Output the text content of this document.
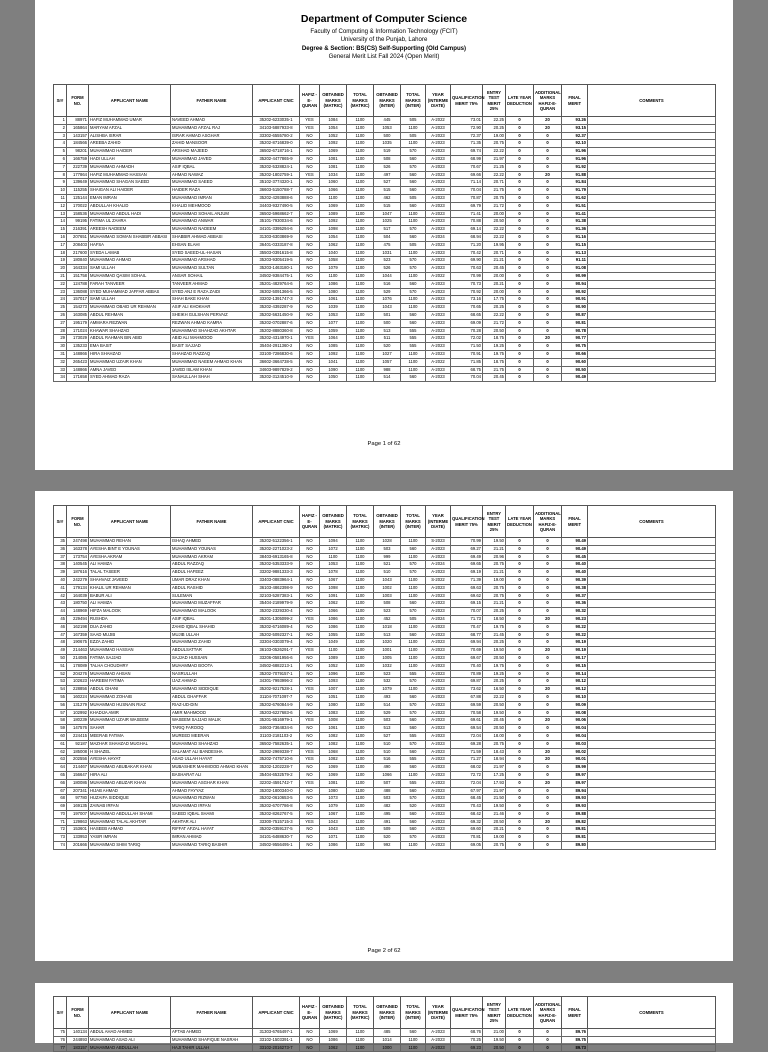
Department of Computer Science
Faculty of Computing & Information Technology (FCIT)
University of the Punjab, Lahore
Degree & Section: BS(CS) Self-Supporting (Old Campus)
General Merit List Fall 2024 (Open Merit)
Sr#	FORM NO.	APPLICANT NAME	FATHER NAME	APPLICANT CNIC	HAFIZ -E- QURAN	OBTAINED MARKS (MATRIC)	TOTAL MARKS (MATRIC)	OBTAINED MARKS (INTER)	TOTAL MARKS (INTER)	YEAR (INTERME DIATE)	QUALIFICATION MERIT 75%	ENTRY TEST MERIT 25%	LATE YEAR DEDUCTION	ADDITIONAL MARKS HAFIZ-E-QURAN	FINAL MERIT	COMMENTS
1	88971	HAFIZ MUHAMMAD UMAR	NAVEED AHMAD	35202-6233035-1	YES	1084	1100	445	505	A-2022	73.01	22.25	0	20	93.26	
2	165864	MARYAM AFZAL	MUHAMMAD AFZAL RAJ	34103-5887933-8	YES	1054	1100	1053	1100	A-2023	72.90	20.25	0	20	93.15	
3	143157	ALISHBA ISRAR	ISRAR AHMAD ASGHAR	33302-6555780-2	NO	1052	1100	500	505	A-2023	72.37	19.00	0	0	92.37	
4	184566	AREEBA ZAHID	ZAHID MANSOOR	35202-8716839-0	NO	1092	1100	1035	1100	A-2023	71.35	20.75	0	0	92.10	
5	98201	MUHAMMAD HAIDER	ARSHAD MAJEED	36502-6718716-1	NO	1069	1100	519	570	A-2023	69.74	22.22	0	0	91.96	
6	166759	HADI ULLAH	MUHAMMAD JAVED	35202-4477865-9	NO	1081	1100	508	560	A-2023	68.99	21.97	0	0	91.96	
7	222739	MUHAMMAD AHMADH	ASIF IQBAL	35202-5328824-1	NO	1081	1100	526	570	A-2023	70.67	21.25	0	0	91.92	
8	177864	HAFIZ MUHAMMAD HASSAN	AHMAD NAWAZ	35202-1802759-1	YES	1034	1100	497	560	A-2023	69.66	22.22	0	20	91.88	
9	139649	MUHAMMAD SHAGAN SAEED	MUHAMMAD SAEED	35102-3774320-1	NO	1060	1100	527	560	A-2023	71.14	20.71	0	0	91.84	
10	115255	SHAIGAN ALI HAIDER	HAIDER RAZA	36603-5150788-7	NO	1066	1100	515	560	A-2023	70.04	21.75	0	0	91.79	
11	125144	EMAN IMRAN	MUHAMMAD IMRAN	35202-4293888-6	NO	1100	1100	462	505	A-2023	70.87	20.75	0	0	91.62	
12	170022	ABDULLAH KHALID	KHALID MEHMOOD	34403-9327490-5	NO	1069	1100	515	560	A-2023	69.79	21.72	0	0	91.51	
13	158536	MUHAMMAD ABDUL HADI	MUHAMMAD SOHAIL ANJUM	36502-5968662-7	NO	1089	1100	1047	1100	A-2023	71.41	20.00	0	0	91.41	
14	99195	FATIMA UL ZAHRA	MUHAMMAD ANWAR	35101-7930034-6	NO	1092	1100	1025	1100	A-2023	70.88	20.50	0	0	91.38	
15	216391	AREESH NADEEM	MUHAMMAD NADEEM	34101-3395294-6	NO	1098	1100	517	570	A-2023	69.14	22.22	0	0	91.36	
16	207651	MUHAMMAD SOMAN SHABBIR ABBASI	SHABBIR AHMAD ABBASI	31303-6303869-9	NO	1054	1100	504	560	A-2024	68.94	22.22	0	0	91.16	
17	208403	HAFSA	EHSAN ELAHI	36401-0333187-8	NO	1062	1100	475	505	A-2023	71.20	19.95	0	0	91.15	
18	217600	SYEDA LAMAB	SYED SAEED-UL-HASAN	35503-0391615-8	NO	1040	1100	1031	1100	A-2023	70.42	20.71	0	0	91.13	
19	180840	MUHAMMAD AHMAD	MUHAMMAD ARSHAD	35203-9305419-5	NO	1058	1100	523	570	A-2023	69.90	21.21	0	0	91.11	
20	164334	SAMI ULLAH	MUHAMMAD SULTAN	35203-1463180-1	NO	1079	1100	526	570	A-2023	70.63	20.45	0	0	91.08	
21	151758	MUHAMMAD QASIM SOHAIL	ANSAR SOHAIL	34502-9384475-1	NO	1100	1100	1044	1100	A-2022	70.99	20.00	0	0	90.99	
22	124788	FARAH TANVEER	TANVEER AHMAD	35201-4829764-6	NO	1086	1100	516	560	A-2023	70.73	20.21	0	0	90.94	
23	136088	SYED MUHAMMAD JAFFAR ABBAS	SYED ANJ E RAZA ZAIDI	36302-5091366-5	NO	1080	1100	529	570	A-2023	70.92	20.00	0	0	90.92	
24	157017	SAMI ULLAH	SHAH BAKE KHAN	33202-1391747-3	NO	1061	1100	1076	1100	A-2023	73.16	17.75	0	0	90.91	
25	154273	MUHAMMAD OBAID UR REHMAN	ASIF ALI KHOKHAR	35202-4392287-9	NO	1039	1100	1043	1100	A-2023	70.65	20.25	0	0	90.90	
26	163085	ABDUL REHMAN	SHEIKH GULSHAN PERVAIZ	35202-5631450-9	NO	1053	1100	501	560	A-2023	68.65	22.22	0	0	90.87	
27	195179	AMMARA REZWAN	REZWAN AHMAD KAMRA	35202-0702887-6	NO	1077	1100	500	560	A-2023	69.09	21.72	0	0	90.81	
28	171024	KHAWAR SHAHZAD	MUHAMMAD SHAHZAD AKHTAR	35202-8880360-8	NO	1059	1100	513	555	A-2023	70.28	20.50	0	0	90.78	
29	173029	ABDUL RAHMAN BIN ABID	ABID ALI MAHMOOD	35202-4314970-1	YES	1064	1100	511	555	A-2023	72.02	18.75	0	20	90.77	
30	135233	EMA BASIT	BASIT SAJJAD	35404-2911360-2	NO	1085	1100	520	555	A-2023	71.50	19.25	0	0	90.75	
31	148866	HIRA SHAHZAD	SHAHZAD RAZZAQ	33100-7286830-6	NO	1092	1100	1027	1100	A-2023	70.91	19.75	0	0	90.66	
32	265423	MUHAMMAD UZAIR KHAN	MUHAMMAD NAEEM AHMAD KHAN	36602-3664738-5	NO	1041	1100	1057	1100	A-2022	71.85	18.75	0	0	90.60	
33	148866	AMNA JAVED	JAVED ISLAM KHAN	34603-9897829-2	NO	1090	1100	988	1100	A-2023	68.75	21.75	0	0	90.50	
34	171658	SYED AHMAD RAZA	SANAULLAH SHAH	35202-3124510-9	NO	1050	1100	514	560	A-2023	70.04	20.45	0	0	90.49	
Page 1 of 62
Sr#	FORM NO.	APPLICANT NAME	FATHER NAME	APPLICANT CNIC	HAFIZ -E- QURAN	OBTAINED MARKS (MATRIC)	TOTAL MARKS (MATRIC)	OBTAINED MARKS (INTER)	TOTAL MARKS (INTER)	YEAR (INTERME DIATE)	QUALIFICATION MERIT 75%	ENTRY TEST MERIT 25%	LATE YEAR DEDUCTION	ADDITIONAL MARKS HAFIZ-E-QURAN	FINAL MERIT	COMMENTS
35	247498	MUHAMMAD REHAN	ISHAQ AHMED	35202-5122356-1	NO	1094	1100	1028	1100	S-2023	70.99	19.50	0	0	90.49	
36	163378	AYESHA BINT E YOUNAS	MUHAMMAD YOUNAS	35202-2271023-2	NO	1072	1100	503	560	A-2023	69.27	21.21	0	0	90.49	
37	173754	AYESHA AKRAM	MUHAMMAD AKRAM	38403-6913165-8	NO	1100	1100	999	1100	A-2023	69.49	20.96	0	0	90.45	
38	140545	ALI HAMZA	ABDUL RAZZAQ	35202-5353333-9	NO	1053	1100	521	570	A-2024	69.65	20.75	0	0	90.40	
39	187616	TALAL TASEER	ABDUL HAFEEZ	33202-9881333-3	NO	1078	1100	510	570	A-2023	69.19	21.21	0	0	90.40	
40	242279	SHAHVAIZ JAVEED	UMAR DRAZ KHAN	33403-0883964-1	NO	1067	1100	1043	1100	S-2022	71.39	19.00	0	0	90.39	
41	179134	KHALIL UR REHMAN	ABDUL RASHID	36103-4862398-9	NO	1098	1100	1002	1100	A-2023	69.63	20.75	0	0	90.38	
42	164039	BABUR ALI	SULEMAN	32103-5287383-1	NO	1091	1100	1003	1100	A-2023	69.62	20.75	0	0	90.37	
43	180750	ALI HAMZA	MUHAMMAD MUZAFFAR	35404-2189979-9	NO	1062	1100	508	560	A-2023	69.15	21.21	0	0	90.36	
44	148969	HIFZA MALOOK	MUHAMMAD MALOOK	35202-2329330-4	NO	1066	1100	523	570	A-2023	70.07	20.25	0	0	90.32	
45	229494	RUSHDA	ASIF IQBAL	35201-1305099-2	YES	1086	1100	452	505	A-2024	71.73	18.50	0	20	90.23	
46	162198	DUA ZAHID	ZAHID IQBAL SHAHID	35202-6716089-4	NO	1086	1100	1018	1100	A-2023	70.47	19.75	0	0	90.22	
47	167359	SAAD MUJIB	MUJIB ULLAH	35202-5092327-1	NO	1055	1100	513	560	A-2023	68.77	21.45	0	0	90.22	
48	190675	EZZA ZAHID	MUHAMMAD ZAHID	33304-0303079-4	NO	1049	1100	1020	1100	A-2023	69.94	20.25	0	0	90.19	
49	214463	MUHAMMAD HASSAN	ABDULSATTAR	36103-0526291-7	YES	1100	1100	1001	1100	A-2023	70.69	19.50	0	20	90.19	
50	214085	FATIMA SAJJAD	SAJJAD HUSSAIN	33206-0581956-6	NO	1089	1100	1005	1100	A-2023	69.67	20.50	0	0	90.17	
51	178089	TALHA CHOUDHRY	MUHAMMAD BOOTA	34502-6882213-1	NO	1052	1100	1032	1100	A-2023	70.40	19.75	0	0	90.15	
52	204276	MUHAMMAD AHSAN	NASRULLAH	35202-7079157-1	NO	1096	1100	523	555	A-2023	70.89	19.25	0	0	90.14	
53	102623	HAREEM FATIMA	IJAZ AHMAD	34301-7993996-2	NO	1093	1100	532	570	A-2023	69.87	20.25	0	0	90.12	
54	228856	ABDUL GHANI	MUHAMMAD SIDDIQUE	35202-9217528-1	YES	1007	1100	1079	1100	A-2023	73.62	16.50	0	20	90.12	
55	160224	MUHAMMAD ZOHAIB	ABDUL GHAFFAR	31104-7071097-7	NO	1051	1100	493	560	A-2023	67.88	22.22	0	0	90.10	
56	131279	MUHAMMAD HUSNAIN RIAZ	RIAZ-UD-DIN	35202-6760844-9	NO	1080	1100	514	570	A-2023	69.59	20.50	0	0	90.09	
57	102992	KHADIJA AMIR	AMIR MAHMOOD	35203-6227683-6	NO	1083	1100	529	570	A-2023	70.58	19.50	0	0	90.08	
58	180239	MUHAMMAD UZAIR WASEEM	WASEEM SAJJAD MALIK	35201-9516979-1	YES	1008	1100	503	560	A-2023	69.61	20.45	0	20	90.06	
59	147576	SAHAR	TARIQ FAROOQ	34603-7364834-6	NO	1061	1100	513	560	A-2023	69.54	20.50	0	0	90.04	
60	224415	MEERAB FATIMA	MUREED MEERAN	31103-2181103-2	NO	1082	1100	527	555	A-2023	72.04	18.00	0	0	90.04	
61	92187	MAZHAR SHAHZAD MUGHAL	MUHAMMAD SHAHZAD	36502-7582635-1	NO	1082	1100	510	570	A-2023	69.28	20.75	0	0	90.03	
62	185008	H SHAZEL	SALAMAT ALI BANDESHA	35202-2969338-7	YES	1068	1100	510	560	A-2023	71.59	18.43	0	20	90.02	
63	202556	AYESHA HAYAT	ASAD ULLAH HAYAT	35202-7475710-6	YES	1082	1100	516	555	A-2023	71.27	18.94	0	20	90.01	
64	214467	MUHAMMAD ABUBAKAR KHAN	MUBASHER MAHMOOD AHMAD KHAN	35202-1202228-7	NO	1069	1100	490	560	A-2023	68.02	21.97	0	0	89.99	
65	156647	HIRA ALI	BASHARAT ALI	35404-6532579-2	NO	1069	1100	1066	1100	A-2023	72.72	17.25	0	0	89.97	
66	180086	MUHAMMAD ABUZAR KHAN	MUHAMMAD ASGHAR KHAN	32202-4591742-7	YES	1081	1100	507	555	A-2023	72.04	17.93	0	20	89.97	
67	207341	HIJAB AHMAD	AHMAD FAYYAZ	35202-1800340-0	NO	1080	1100	488	560	A-2023	67.97	21.97	0	0	89.94	
68	97780	HUZAIFA SIDDIQUE	MUHAMMAD RIZWAN	35202-0610653-5	NO	1073	1100	503	570	A-2023	68.45	21.50	0	0	89.93	
69	169135	ZAINAB IRFAN	MUHAMMAD IRFAN	35202-6707786-8	NO	1079	1100	482	520	A-2023	70.43	19.50	0	0	89.93	
70	197007	MUHAMMAD ABDULLAH SHAMI	SAEED IQBAL SHAMI	35202-8262767-5	NO	1067	1100	495	560	A-2023	68.42	21.46	0	0	89.88	
71	129863	MUHAMMAD TALAL AKHTAR	AKHTAR ALI	33300-7515715-3	YES	1043	1100	491	560	A-2023	69.32	20.50	0	20	89.82	
72	153601	HASEEB AHMAD	RIFFAT AFZAL HAYAT	35202-0359137-5	NO	1043	1100	509	560	A-2023	69.60	20.21	0	0	89.81	
73	133953	YASIR IMRAN	IMRAN AHMAD	34101-6488630-7	NO	1071	1100	520	570	A-2023	70.81	19.00	0	0	89.81	
74	201666	MUHAMMAD SHIM TARIQ	MUHAMMAD TARIQ BASHIR	34502-9556495-1	NO	1086	1100	992	1100	A-2023	69.05	20.75	0	0	89.80	
Page 2 of 62
Sr#	FORM NO.	APPLICANT NAME	FATHER NAME	APPLICANT CNIC	HAFIZ -E- QURAN	OBTAINED MARKS (MATRIC)	TOTAL MARKS (MATRIC)	OBTAINED MARKS (INTER)	TOTAL MARKS (INTER)	YEAR (INTERME DIATE)	QUALIFICATION MERIT 75%	ENTRY TEST MERIT 25%	LATE YEAR DEDUCTION	ADDITIONAL MARKS HAFIZ-E-QURAN	FINAL MERIT	COMMENTS
75	140134	ABDUL AHAD AHMED	AFTAB AHMED	31303-6765497-1	NO	1069	1100	485	560	A-2023	68.76	21.00	0	0	89.76	
76	244893	MUHAMMAD ASAD ALI	MUHAMMAD SHAFIQUE NASRAH	33102-1503391-1	NO	1086	1100	1014	1100	A-2023	70.25	19.50	0	0	89.75	
77	183157	MUHAMMAD ABDULLAH	HAJI TAHIR ULLAH	33102-2016273-7	NO	1062	1100	1000	1100	A-2023	69.23	20.50	0	0	89.73	
